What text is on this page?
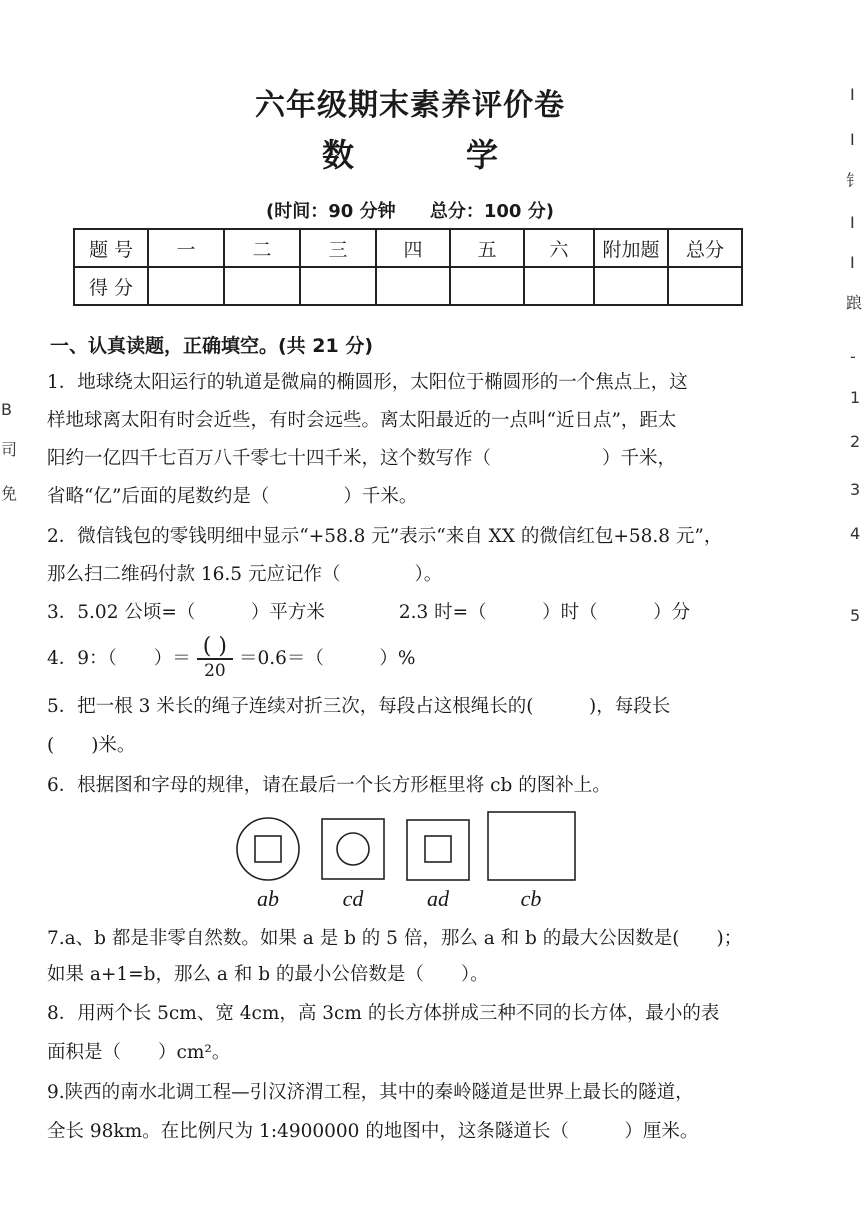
六年级期末素养评价卷
数　学
(时间：90 分钟 总分：100 分)
题 号	一	二	三	四	五	六	附加题	总分
得 分								
一、认真读题，正确填空。(共 21 分)
1．地球绕太阳运行的轨道是微扁的椭圆形，太阳位于椭圆形的一个焦点上，这
样地球离太阳有时会近些，有时会远些。离太阳最近的一点叫“近日点”，距太
阳约一亿四千七百万八千零七十四千米，这个数写作（　　　　　　）千米，
省略“亿”后面的尾数约是（　　　　）千米。
2．微信钱包的零钱明细中显示“+58.8 元”表示“来自 XX 的微信红包+58.8 元”，
那么扫二维码付款 16.5 元应记作（　　　　）。
3．5.02 公顷=（　　　）平方米　　　　2.3 时=（　　　）时（　　　）分
4．9：（　　）＝ $\frac{( )}{20} =0.6=$（　　　）%
5．把一根 3 米长的绳子连续对折三次，每段占这根绳长的(　　　)，每段长
(　　)米。
6．根据图和字母的规律，请在最后一个长方形框里将 cb 的图补上。
ab	cd	ad	cb
7.a、b 都是非零自然数。如果 a 是 b 的 5 倍，那么 a 和 b 的最大公因数是(　　)；
如果 a+1=b，那么 a 和 b 的最小公倍数是（　　）。
8．用两个长 5cm、宽 4cm，高 3cm 的长方体拼成三种不同的长方体，最小的表
面积是（　　）cm²。
9.陕西的南水北调工程—引汉济渭工程，其中的秦岭隧道是世界上最长的隧道，
全长 98km。在比例尺为 1:4900000 的地图中，这条隧道长（　　　）厘米。
B
司
免
I
I
钅
I
I
踉
-
1
2
3
4
5
